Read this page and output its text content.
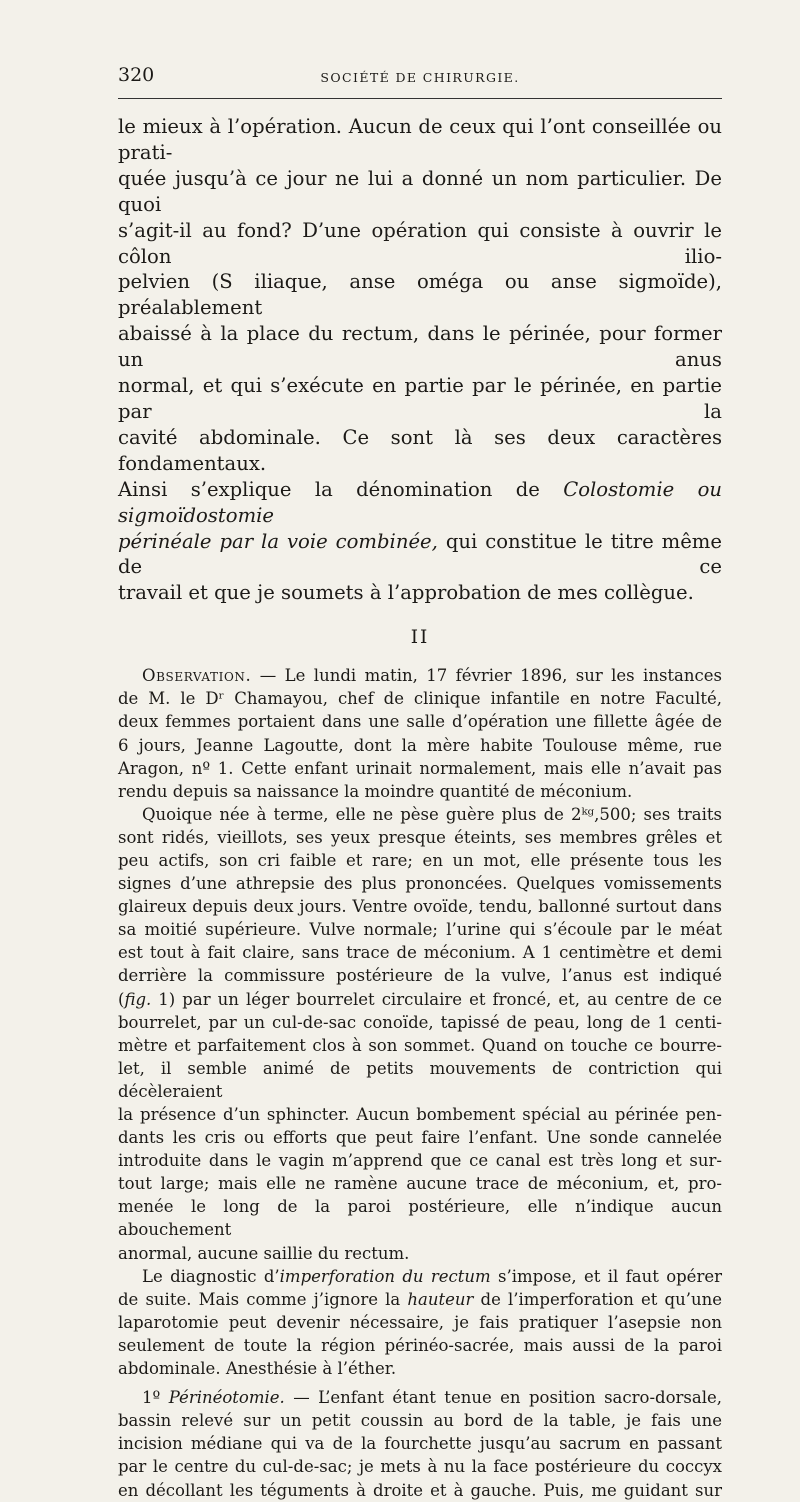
320	SOCIÉTÉ DE CHIRURGIE.
le mieux à l’opération. Aucun de ceux qui l’ont conseillée ou prati-
quée jusqu’à ce jour ne lui a donné un nom particulier. De quoi
s’agit-il au fond? D’une opération qui consiste à ouvrir le côlon ilio-
pelvien (S iliaque, anse oméga ou anse sigmoïde), préalablement
abaissé à la place du rectum, dans le périnée, pour former un anus
normal, et qui s’exécute en partie par le périnée, en partie par la
cavité abdominale. Ce sont là ses deux caractères fondamentaux.
Ainsi s’explique la dénomination de Colostomie ou sigmoïdostomie
périnéale par la voie combinée, qui constitue le titre même de ce
travail et que je soumets à l’approbation de mes collègue.
II
Observation. — Le lundi matin, 17 février 1896, sur les instances
de M. le Dʳ Chamayou, chef de clinique infantile en notre Faculté,
deux femmes portaient dans une salle d’opération une fillette âgée de
6 jours, Jeanne Lagoutte, dont la mère habite Toulouse même, rue
Aragon, nº 1. Cette enfant urinait normalement, mais elle n’avait pas
rendu depuis sa naissance la moindre quantité de méconium.
Quoique née à terme, elle ne pèse guère plus de 2ᵏᵍ,500; ses traits
sont ridés, vieillots, ses yeux presque éteints, ses membres grêles et
peu actifs, son cri faible et rare; en un mot, elle présente tous les
signes d’une athrepsie des plus prononcées. Quelques vomissements
glaireux depuis deux jours. Ventre ovoïde, tendu, ballonné surtout dans
sa moitié supérieure. Vulve normale; l’urine qui s’écoule par le méat
est tout à fait claire, sans trace de méconium. A 1 centimètre et demi
derrière la commissure postérieure de la vulve, l’anus est indiqué
(fig. 1) par un léger bourrelet circulaire et froncé, et, au centre de ce
bourrelet, par un cul-de-sac conoïde, tapissé de peau, long de 1 centi-
mètre et parfaitement clos à son sommet. Quand on touche ce bourre-
let, il semble animé de petits mouvements de contriction qui décèleraient
la présence d’un sphincter. Aucun bombement spécial au périnée pen-
dants les cris ou efforts que peut faire l’enfant. Une sonde cannelée
introduite dans le vagin m’apprend que ce canal est très long et sur-
tout large; mais elle ne ramène aucune trace de méconium, et, pro-
menée le long de la paroi postérieure, elle n’indique aucun abouchement
anormal, aucune saillie du rectum.
Le diagnostic d’imperforation du rectum s’impose, et il faut opérer
de suite. Mais comme j’ignore la hauteur de l’imperforation et qu’une
laparotomie peut devenir nécessaire, je fais pratiquer l’asepsie non
seulement de toute la région périnéo-sacrée, mais aussi de la paroi
abdominale. Anesthésie à l’éther.
1º Périnéotomie. — L’enfant étant tenue en position sacro-dorsale,
bassin relevé sur un petit coussin au bord de la table, je fais une
incision médiane qui va de la fourchette jusqu’au sacrum en passant
par le centre du cul-de-sac; je mets à nu la face postérieure du coccyx
en décollant les téguments à droite et à gauche. Puis, me guidant sur
